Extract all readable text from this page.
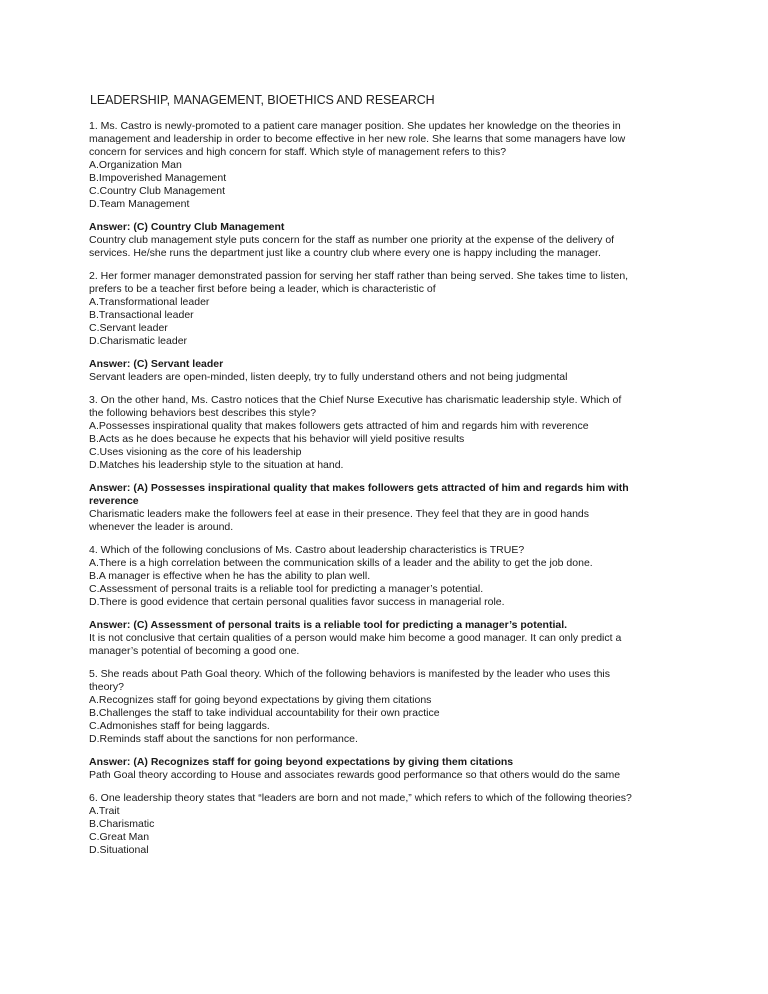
LEADERSHIP, MANAGEMENT, BIOETHICS AND RESEARCH
1. Ms. Castro is newly-promoted to a patient care manager position. She updates her knowledge on the theories in
management and leadership in order to become effective in her new role. She learns that some managers have low
concern for services and high concern for staff. Which style of management refers to this?
A.Organization Man
B.Impoverished Management
C.Country Club Management
D.Team Management
Answer: (C) Country Club Management
Country club management style puts concern for the staff as number one priority at the expense of the delivery of
services. He/she runs the department just like a country club where every one is happy including the manager.
2. Her former manager demonstrated passion for serving her staff rather than being served. She takes time to listen,
prefers to be a teacher first before being a leader, which is characteristic of
A.Transformational leader
B.Transactional leader
C.Servant leader
D.Charismatic leader
Answer: (C) Servant leader
Servant leaders are open-minded, listen deeply, try to fully understand others and not being judgmental
3. On the other hand, Ms. Castro notices that the Chief Nurse Executive has charismatic leadership style. Which of
the following behaviors best describes this style?
A.Possesses inspirational quality that makes followers gets attracted of him and regards him with reverence
B.Acts as he does because he expects that his behavior will yield positive results
C.Uses visioning as the core of his leadership
D.Matches his leadership style to the situation at hand.
Answer: (A) Possesses inspirational quality that makes followers gets attracted of him and regards him with
reverence
Charismatic leaders make the followers feel at ease in their presence. They feel that they are in good hands
whenever the leader is around.
4. Which of the following conclusions of Ms. Castro about leadership characteristics is TRUE?
A.There is a high correlation between the communication skills of a leader and the ability to get the job done.
B.A manager is effective when he has the ability to plan well.
C.Assessment of personal traits is a reliable tool for predicting a manager’s potential.
D.There is good evidence that certain personal qualities favor success in managerial role.
Answer: (C) Assessment of personal traits is a reliable tool for predicting a manager’s potential.
It is not conclusive that certain qualities of a person would make him become a good manager. It can only predict a
manager’s potential of becoming a good one.
5. She reads about Path Goal theory. Which of the following behaviors is manifested by the leader who uses this
theory?
A.Recognizes staff for going beyond expectations by giving them citations
B.Challenges the staff to take individual accountability for their own practice
C.Admonishes staff for being laggards.
D.Reminds staff about the sanctions for non performance.
Answer: (A) Recognizes staff for going beyond expectations by giving them citations
Path Goal theory according to House and associates rewards good performance so that others would do the same
6. One leadership theory states that “leaders are born and not made,” which refers to which of the following theories?
A.Trait
B.Charismatic
C.Great Man
D.Situational
